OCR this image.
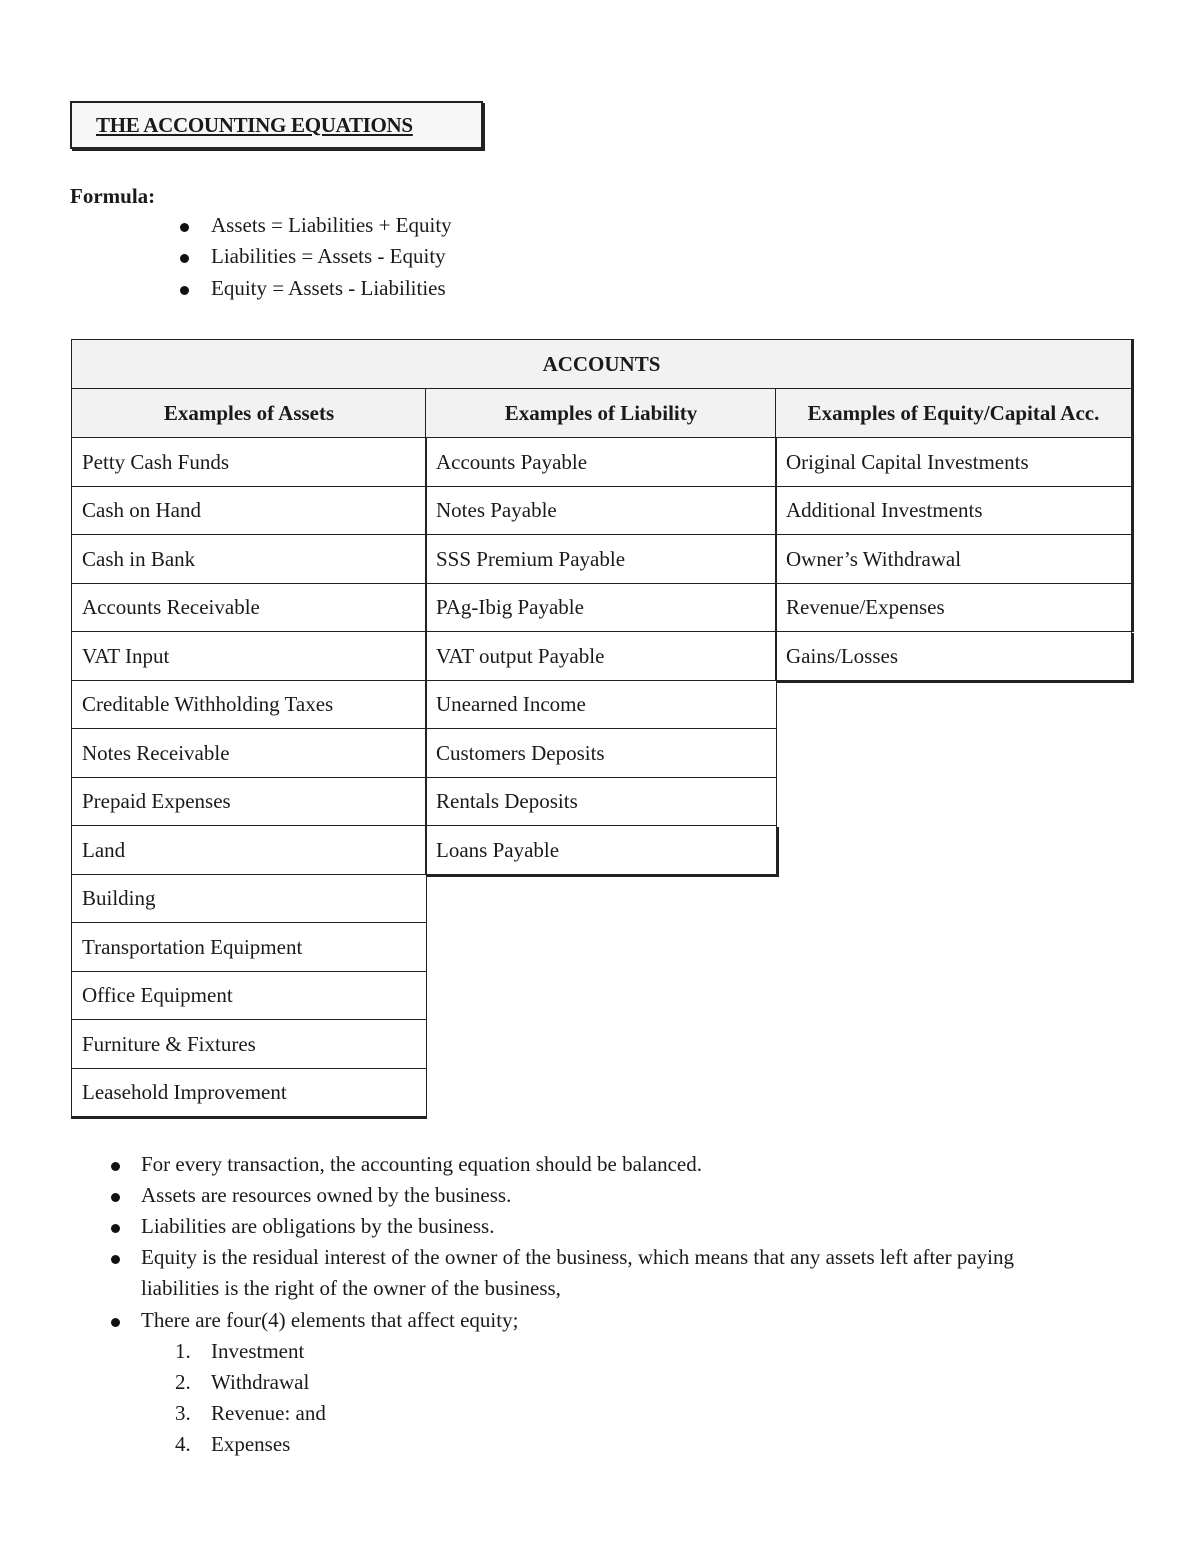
THE ACCOUNTING EQUATIONS
Formula:
Assets = Liabilities + Equity
Liabilities = Assets - Equity
Equity = Assets - Liabilities
ACCOUNTS
Examples of Assets	Examples of Liability	Examples of Equity/Capital Acc.
Petty Cash Funds
Cash on Hand
Cash in Bank
Accounts Receivable
VAT Input
Creditable Withholding Taxes
Notes Receivable
Prepaid Expenses
Land
Building
Transportation Equipment
Office Equipment
Furniture & Fixtures
Leasehold Improvement
Accounts Payable
Notes Payable
SSS Premium Payable
PAg-Ibig Payable
VAT output Payable
Unearned Income
Customers Deposits
Rentals Deposits
Loans Payable
Original Capital Investments
Additional Investments
Owner’s Withdrawal
Revenue/Expenses
Gains/Losses
For every transaction, the accounting equation should be balanced.
Assets are resources owned by the business.
Liabilities are obligations by the business.
Equity is the residual interest of the owner of the business, which means that any assets left after paying
liabilities is the right of the owner of the business,
There are four(4) elements that affect equity;
1. Investment
2. Withdrawal
3. Revenue: and
4. Expenses
